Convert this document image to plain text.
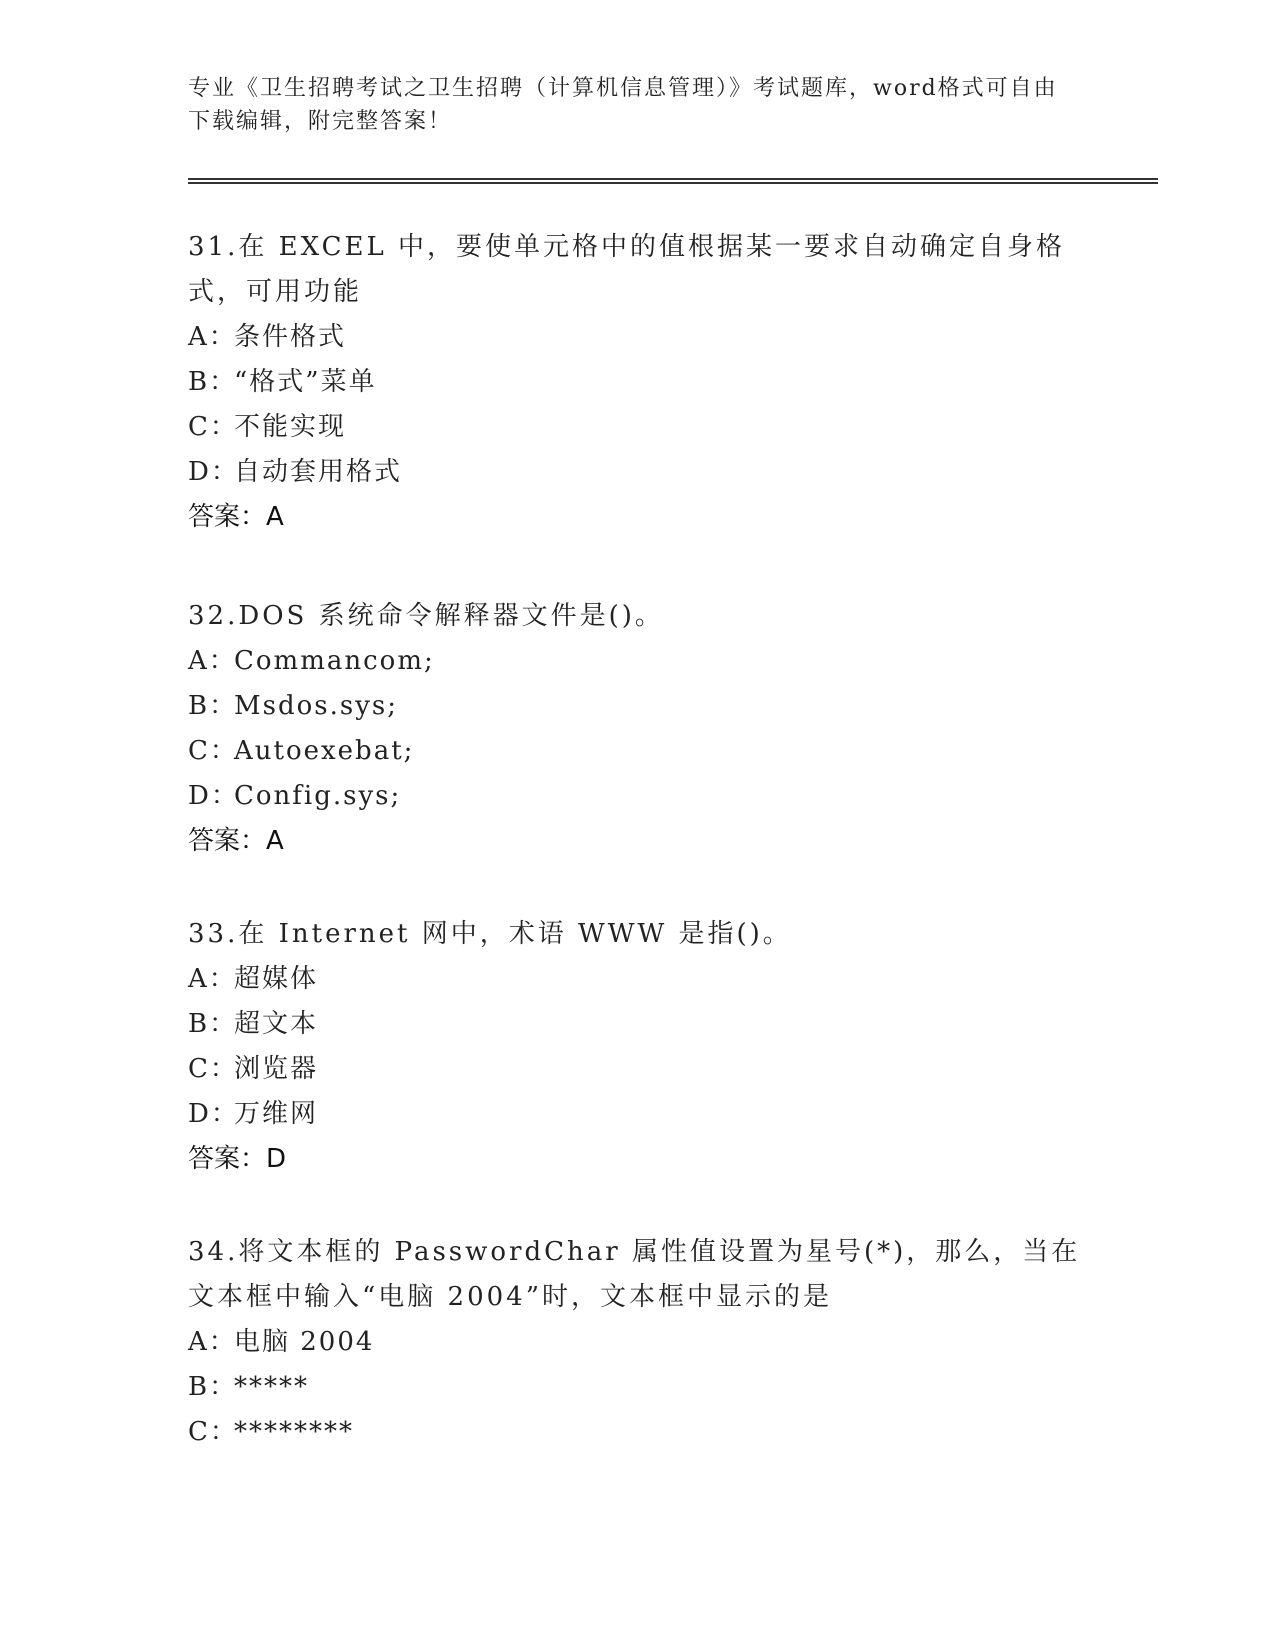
专业《卫生招聘考试之卫生招聘（计算机信息管理）》考试题库，word格式可自由下载编辑，附完整答案！

31.在 EXCEL 中，要使单元格中的值根据某一要求自动确定自身格式，可用功能

A：条件格式

B：“格式”菜单

C：不能实现

D：自动套用格式

答案：A

32.DOS 系统命令解释器文件是()。

A：Commancom;

B：Msdos.sys;

C：Autoexebat;

D：Config.sys;

答案：A

33.在 Internet 网中，术语 WWW 是指()。

A：超媒体

B：超文本

C：浏览器

D：万维网

答案：D

34.将文本框的 PasswordChar 属性值设置为星号(*)，那么，当在文本框中输入“电脑 2004”时，文本框中显示的是

A：电脑 2004

B：*****

C：********
